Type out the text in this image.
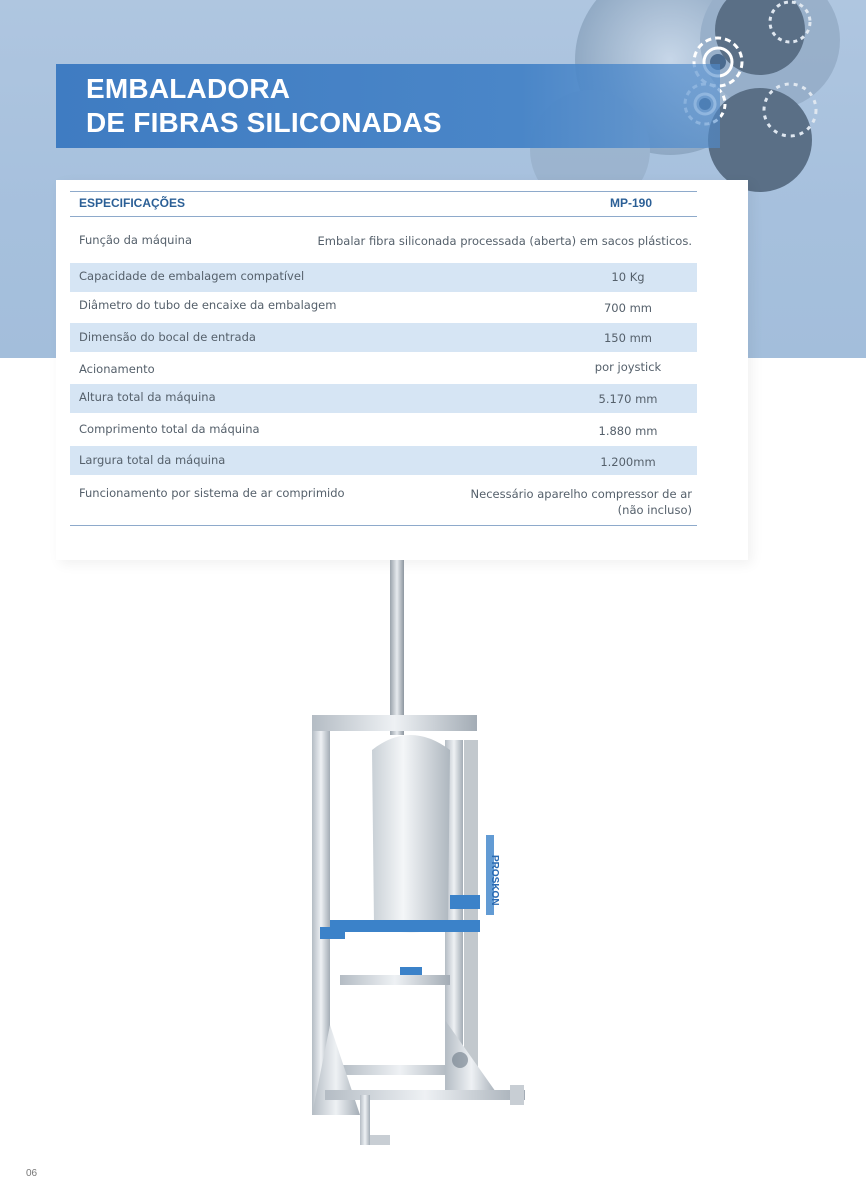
EMBALADORA
DE FIBRAS SILICONADAS
ESPECIFICAÇÕES	MP-190
Função da máquina	Embalar fibra siliconada processada (aberta) em sacos plásticos.
Capacidade de embalagem compatível	10 Kg
Diâmetro do tubo de encaixe da embalagem	700 mm
Dimensão do bocal de entrada	150 mm
Acionamento	por joystick
Altura total da máquina	5.170 mm
Comprimento total da máquina	1.880 mm
Largura total da máquina	1.200mm
Funcionamento por sistema de ar comprimido	Necessário aparelho compressor de ar
(não incluso)
PROSKON
06
